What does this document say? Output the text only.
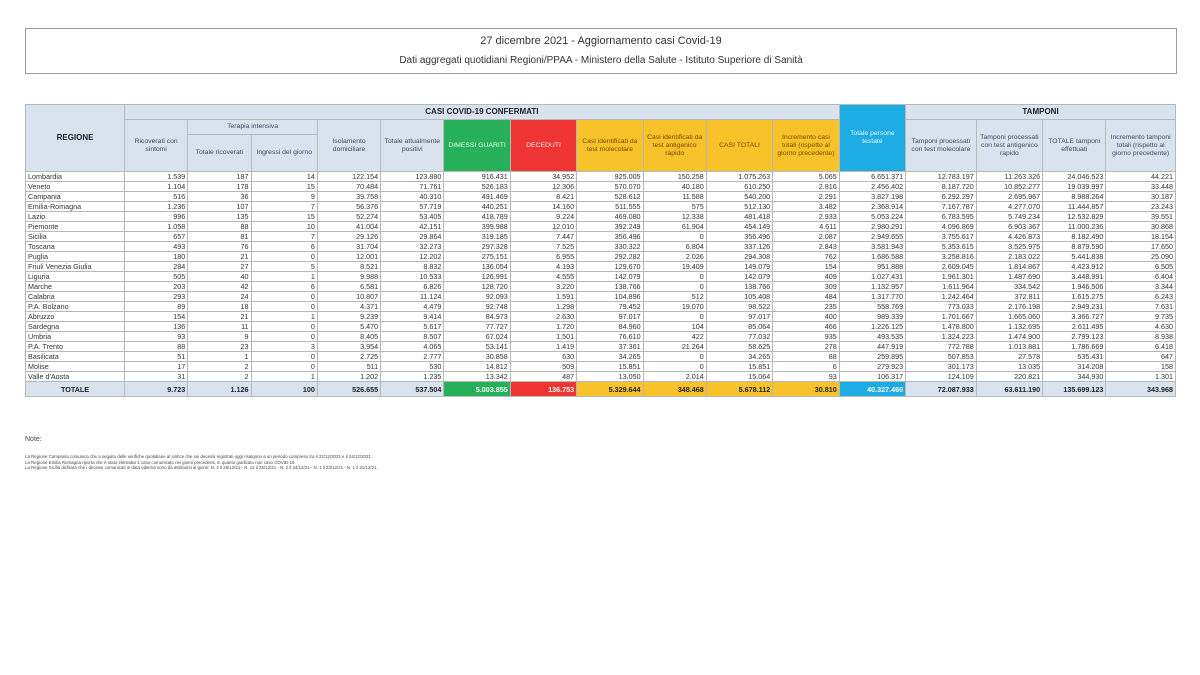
27 dicembre 2021 - Aggiornamento casi Covid-19
Dati aggregati quotidiani Regioni/PPAA - Ministero della Salute - Istituto Superiore di Sanità
REGIONE	CASI COVID-19 CONFERMATI											Totale persone testate	TAMPONI			
	Ricoverati con sintomi	Terapia intensiva		Isolamento domiciliare	Totale attualmente positivi	DIMESSI GUARITI	DECEDUTI	Casi identificati da test molecolare	Casi identificati da test antigenico rapido	CASI TOTALI	Incremento casi totali (rispetto al giorno precedente)		Tamponi processati con test molecolare	Tamponi processati con test antigenico rapido	TOTALE tamponi effettuati	Incremento tamponi totali (rispetto al giorno precedente)
		Totale ricoverati	Ingressi del giorno													
Lombardia	1.539	187	14	122.154	123.880	916.431	34.952	925.005	150.258	1.075.263	5.065	6.651.371	12.783.197	11.263.326	24.046.523	44.221
Veneto	1.104	178	15	70.484	71.761	526.183	12.306	570.070	40.180	610.250	2.816	2.456.402	8.187.720	10.852.277	19.039.997	33.448
Campania	516	36	9	39.758	40.310	491.469	8.421	528.612	11.588	540.200	2.291	3.827.198	6.292.297	2.695.967	8.988.264	30.187
Emilia-Romagna	1.236	107	7	56.376	57.719	440.251	14.160	511.555	575	512.130	3.482	2.368.914	7.167.787	4.277.070	11.444.857	23.243
Lazio	996	135	15	52.274	53.405	418.789	9.224	469.080	12.338	481.418	2.933	5.053.224	6.783.595	5.749.234	12.532.829	39.551
Piemonte	1.058	88	10	41.004	42.151	399.988	12.010	392.249	61.904	454.149	4.611	2.980.291	4.096.869	6.903.367	11.000.236	30.868
Sicilia	657	81	7	29.126	29.864	319.185	7.447	356.496	0	356.496	2.087	2.949.655	3.755.617	4.426.873	8.182.490	18.154
Toscana	493	76	6	31.704	32.273	297.328	7.525	330.322	6.804	337.126	2.843	3.581.943	5.353.615	3.525.975	8.879.590	17.650
Puglia	180	21	0	12.001	12.202	275.151	6.955	292.282	2.026	294.308	762	1.686.588	3.258.816	2.183.022	5.441.838	25.090
Friuli Venezia Giulia	284	27	5	8.521	8.832	136.054	4.193	129.670	19.409	149.079	154	951.888	2.609.045	1.814.867	4.423.912	6.505
Liguria	505	40	1	9.988	10.533	126.991	4.555	142.079	0	142.079	409	1.027.431	1.961.301	1.487.690	3.448.991	6.404
Marche	203	42	6	6.581	6.826	128.720	3.220	138.766	0	138.766	309	1.132.957	1.611.964	334.542	1.946.506	3.344
Calabria	293	24	0	10.807	11.124	92.093	1.591	104.896	512	105.408	484	1.317.770	1.242.464	372.811	1.615.275	6.243
P.A. Bolzano	89	18	0	4.371	4.479	92.748	1.298	79.452	19.070	98.522	235	558.769	773.033	2.176.198	2.949.231	7.631
Abruzzo	154	21	1	9.239	9.414	84.973	2.630	97.017	0	97.017	400	989.339	1.701.667	1.665.060	3.366.727	9.735
Sardegna	136	11	0	5.470	5.617	77.727	1.720	84.960	104	85.064	466	1.226.125	1.478.800	1.132.695	2.611.495	4.630
Umbria	93	9	0	8.405	8.507	67.024	1.501	76.610	422	77.032	935	493.535	1.324.223	1.474.900	2.799.123	8.938
P.A. Trento	88	23	3	3.954	4.065	53.141	1.419	37.361	21.264	58.625	278	447.919	772.788	1.013.881	1.786.669	6.418
Basilicata	51	1	0	2.725	2.777	30.858	630	34.265	0	34.265	88	259.895	507.853	27.578	535.431	647
Molise	17	2	0	511	530	14.812	509	15.851	0	15.851	6	279.923	301.173	13.035	314.208	158
Valle d'Aosta	31	2	1	1.202	1.235	13.342	487	13.050	2.014	15.064	93	106.317	124.109	220.821	344.930	1.301
TOTALE	9.723	1.126	100	526.655	537.504	5.003.855	136.753	5.329.644	348.468	5.678.112	30.810	40.327.460	72.087.933	63.611.190	135.699.123	343.968
Note:
La Regione Campania comunica che a seguito delle verifiche quotidiane al sinhce che sei decessi registrati oggi risalgono a un periodo compreso tra il 22/12/2021 e il 24/12/2021.
La Regione Emilia Romagna riporta che è stato eliminato 1 caso comunicato nei giorni precedenti, in quanto giudicato non caso COVID-19.
La Regione Sicilia dichiara che i decessi comunicati in data odierna sono da attribuirsi ai giorni: N. 2 il 26/12/21 - N. 12 il 25/12/21 - N. 2 il 24/12/21 - N. 1 il 23/12/21 - N. 1 il 21/12/21.
